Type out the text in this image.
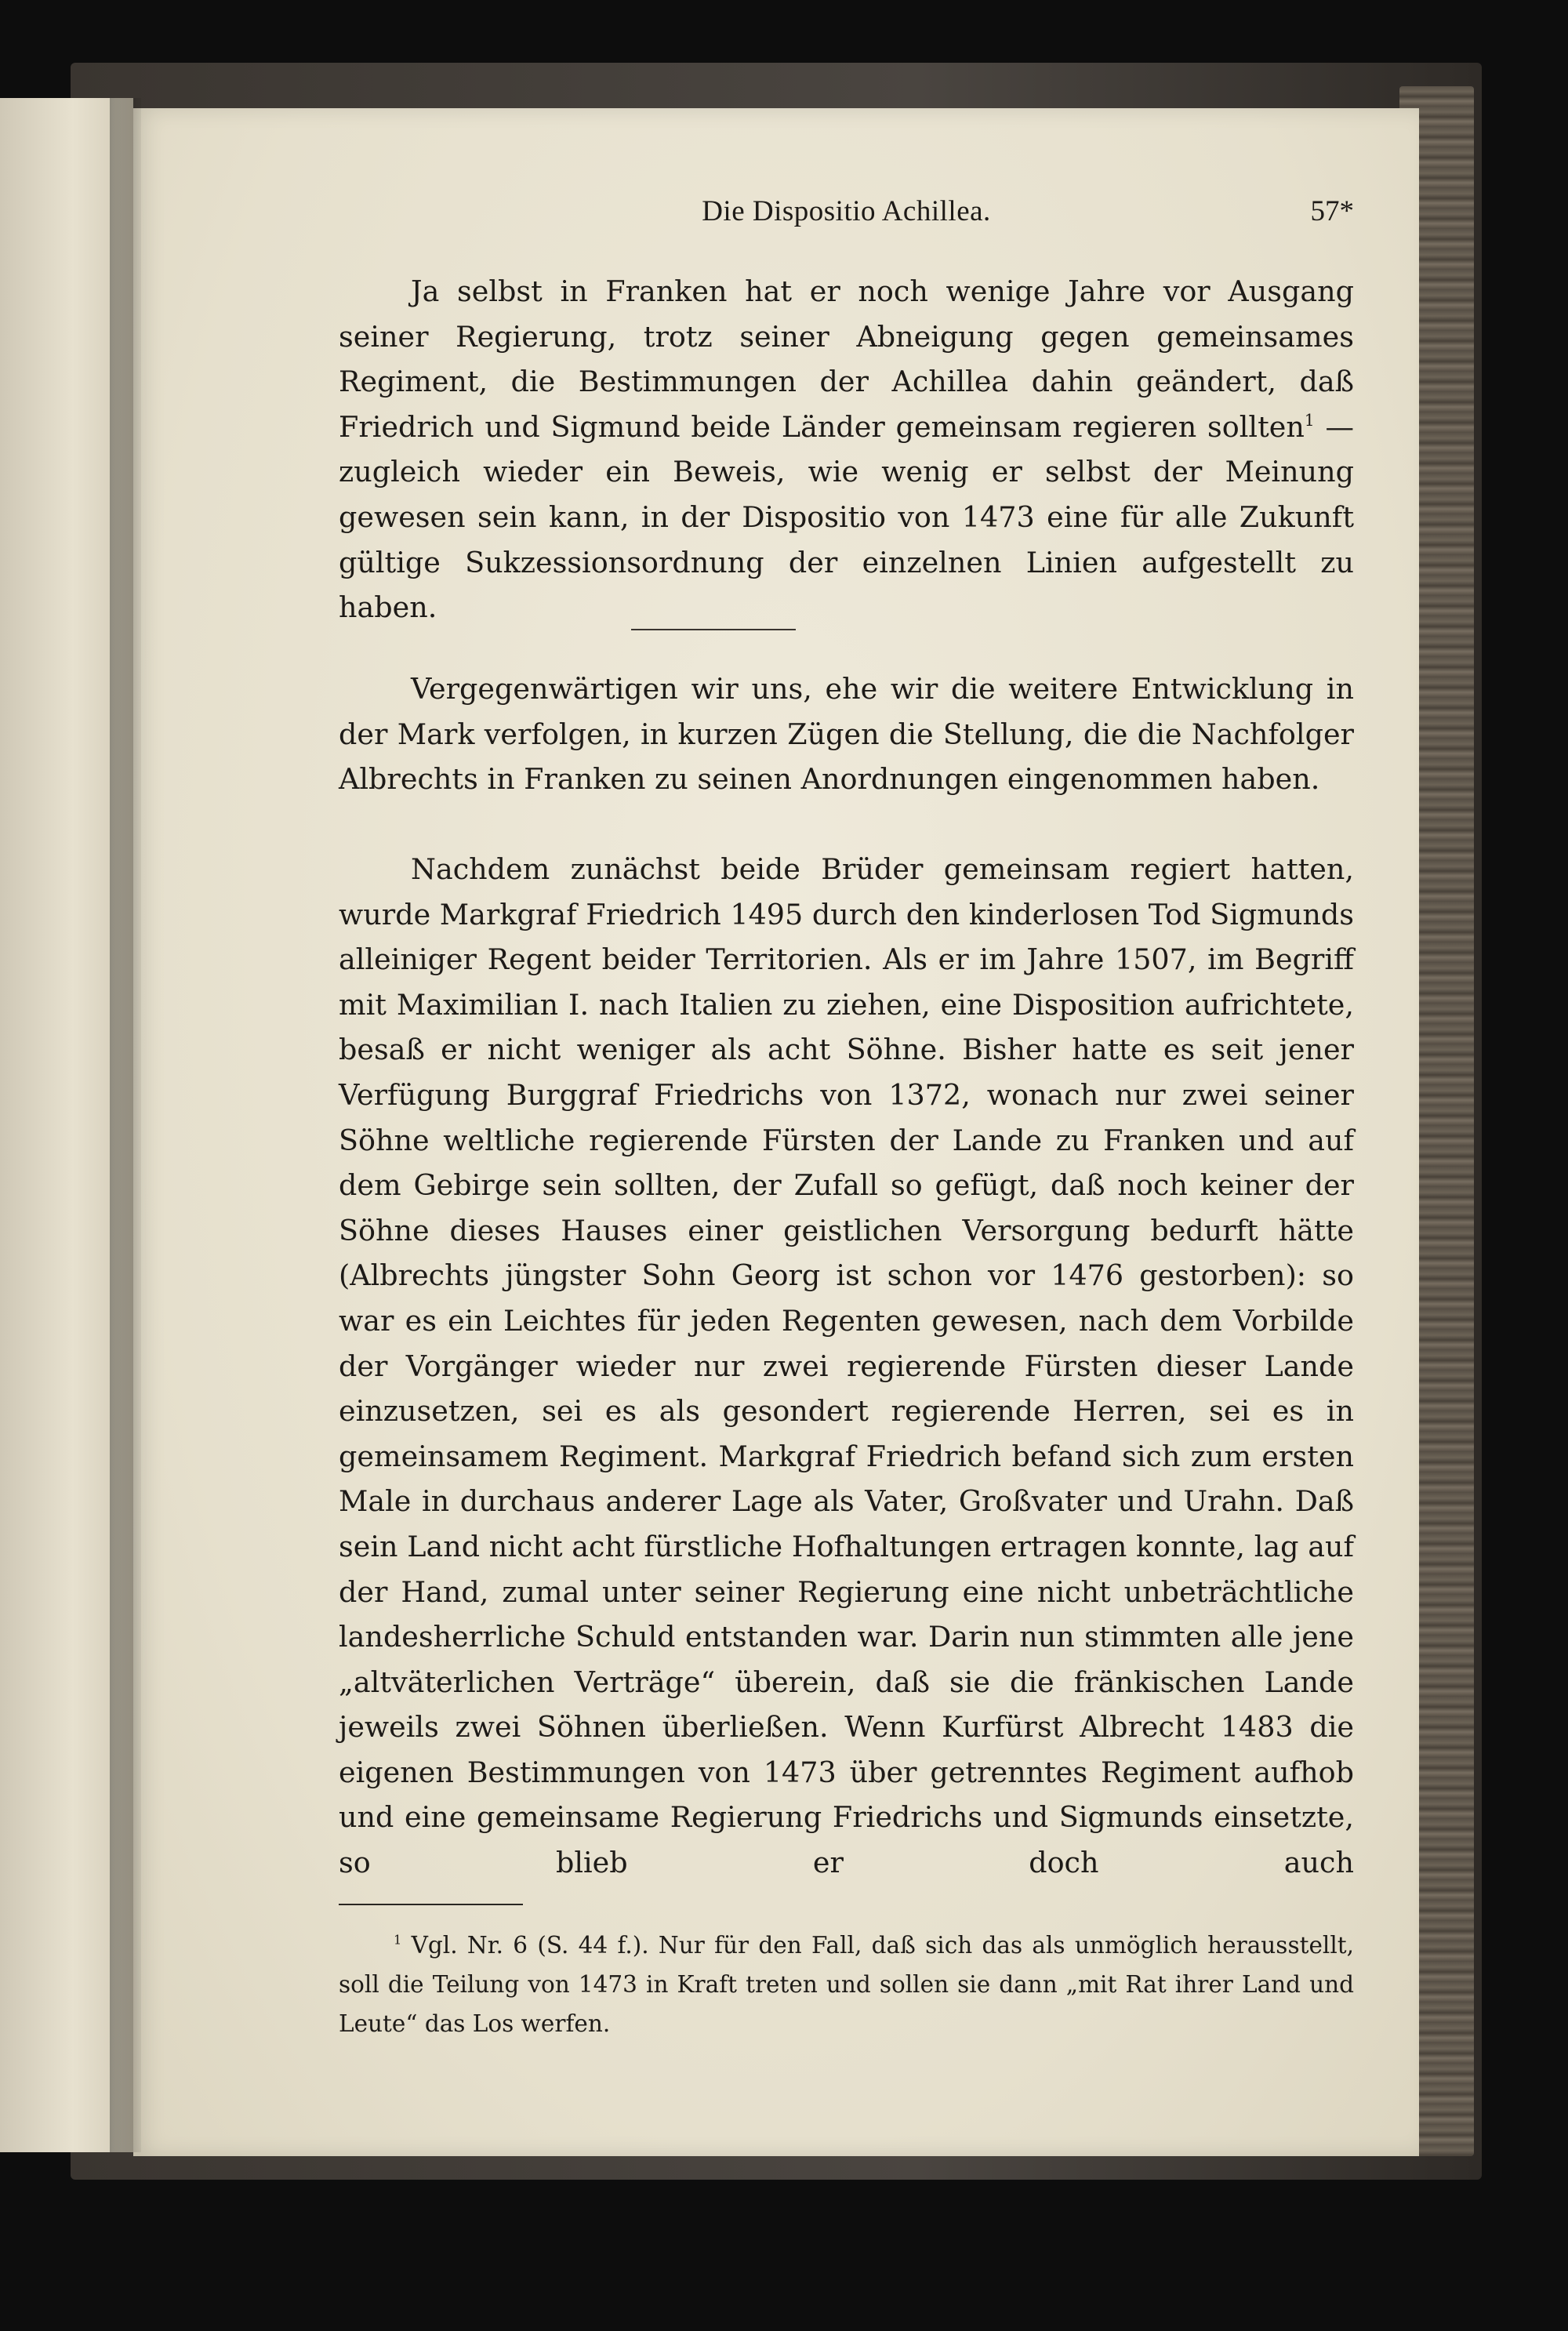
Die Dispositio Achillea.	57*

Ja selbst in Franken hat er noch wenige Jahre vor Ausgang seiner Regierung, trotz seiner Abneigung gegen gemeinsames Regiment, die Bestimmungen der Achillea dahin geändert, daß Friedrich und Sigmund beide Länder gemeinsam regieren sollten$^1$ — zugleich wieder ein Beweis, wie wenig er selbst der Meinung gewesen sein kann, in der Dispositio von 1473 eine für alle Zukunft gültige Sukzessionsordnung der einzelnen Linien aufgestellt zu haben.

Vergegenwärtigen wir uns, ehe wir die weitere Entwicklung in der Mark verfolgen, in kurzen Zügen die Stellung, die die Nachfolger Albrechts in Franken zu seinen Anordnungen eingenommen haben.

Nachdem zunächst beide Brüder gemeinsam regiert hatten, wurde Markgraf Friedrich 1495 durch den kinderlosen Tod Sigmunds alleiniger Regent beider Territorien. Als er im Jahre 1507, im Begriff mit Maximilian I. nach Italien zu ziehen, eine Disposition aufrichtete, besaß er nicht weniger als acht Söhne. Bisher hatte es seit jener Verfügung Burggraf Friedrichs von 1372, wonach nur zwei seiner Söhne weltliche regierende Fürsten der Lande zu Franken und auf dem Gebirge sein sollten, der Zufall so gefügt, daß noch keiner der Söhne dieses Hauses einer geistlichen Versorgung bedurft hätte (Albrechts jüngster Sohn Georg ist schon vor 1476 gestorben): so war es ein Leichtes für jeden Regenten gewesen, nach dem Vorbilde der Vorgänger wieder nur zwei regierende Fürsten dieser Lande einzusetzen, sei es als gesondert regierende Herren, sei es in gemeinsamem Regiment. Markgraf Friedrich befand sich zum ersten Male in durchaus anderer Lage als Vater, Großvater und Urahn. Daß sein Land nicht acht fürstliche Hofhaltungen ertragen konnte, lag auf der Hand, zumal unter seiner Regierung eine nicht unbeträchtliche landesherrliche Schuld entstanden war. Darin nun stimmten alle jene „altväterlichen Verträge“ überein, daß sie die fränkischen Lande jeweils zwei Söhnen überließen. Wenn Kurfürst Albrecht 1483 die eigenen Bestimmungen von 1473 über getrenntes Regiment aufhob und eine gemeinsame Regierung Friedrichs und Sigmunds einsetzte, so blieb er doch auch

$^1$ Vgl. Nr. 6 (S. 44 f.). Nur für den Fall, daß sich das als unmöglich herausstellt, soll die Teilung von 1473 in Kraft treten und sollen sie dann „mit Rat ihrer Land und Leute“ das Los werfen.
